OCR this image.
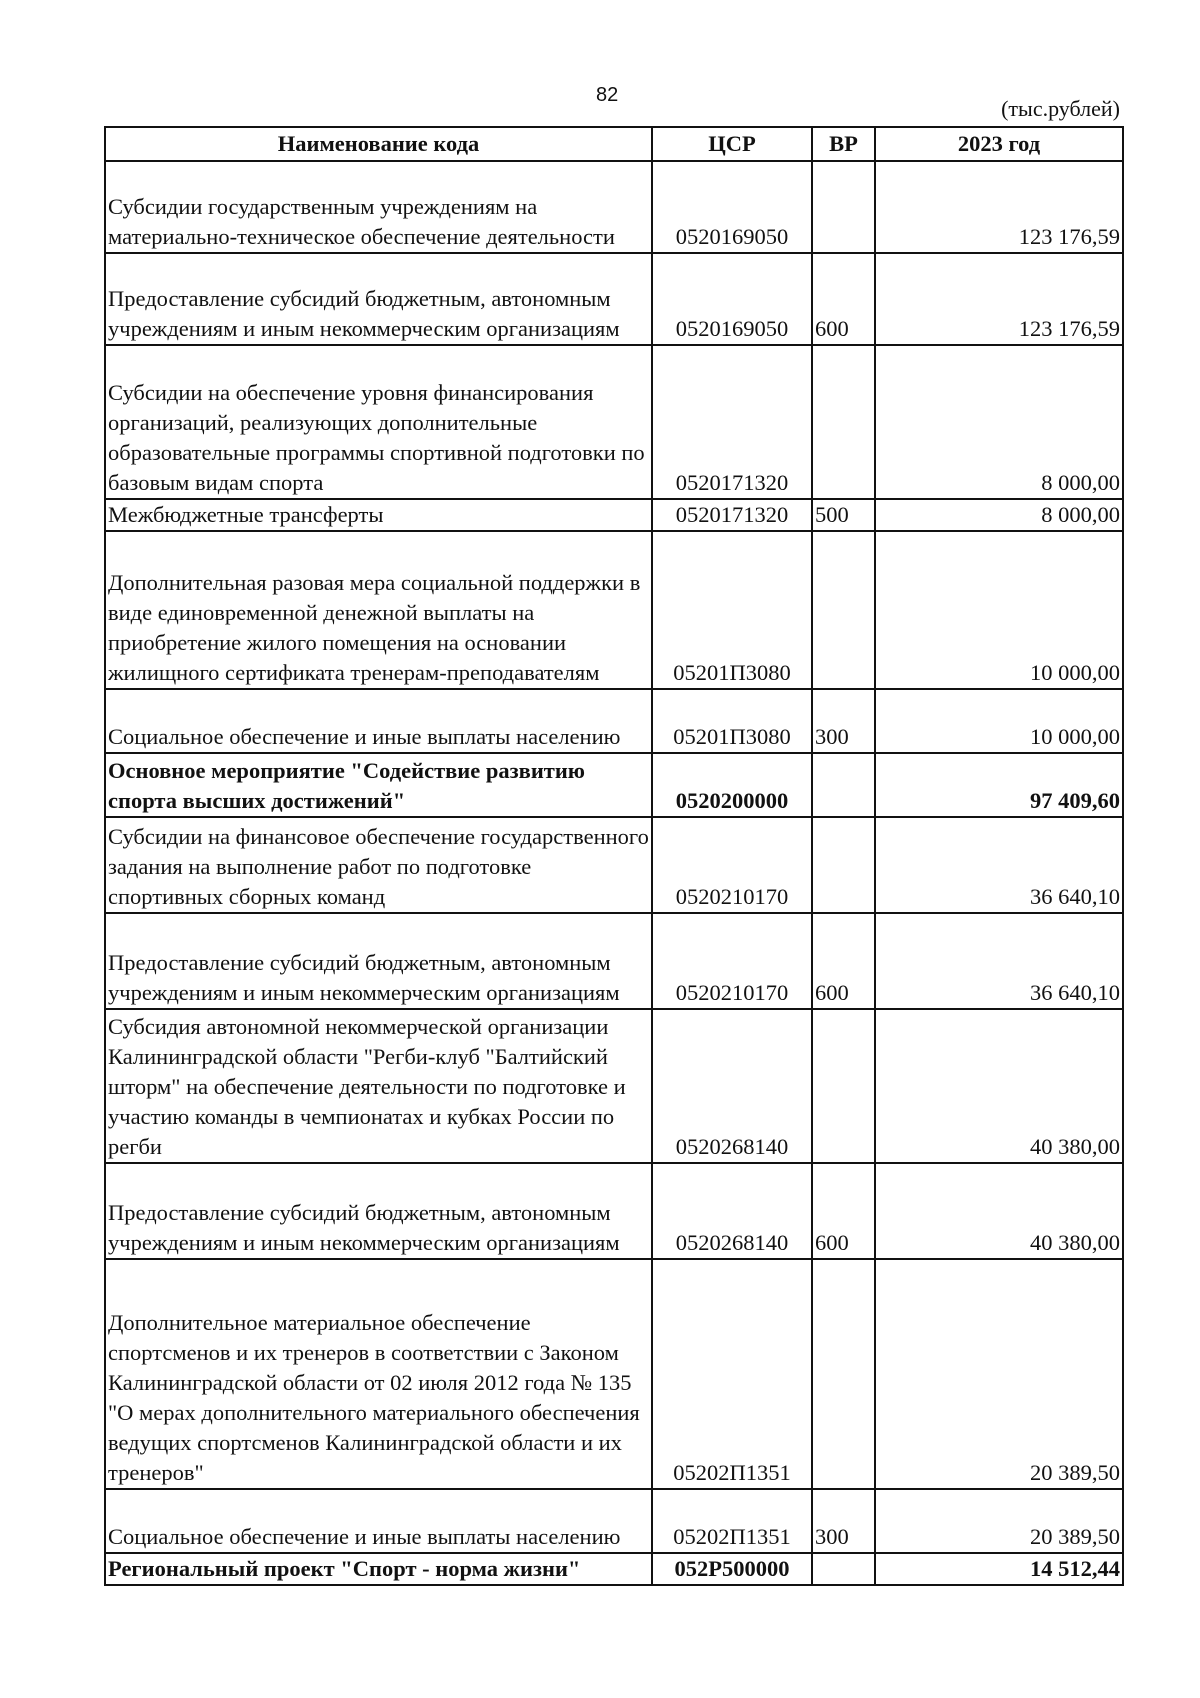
82
(тыс.рублей)
Наименование кода	ЦСР	ВР	2023 год
Субсидии государственным учреждениям на материально-техническое обеспечение деятельности	0520169050		123 176,59
Предоставление субсидий бюджетным, автономным учреждениям и иным некоммерческим организациям	0520169050	600	123 176,59
Субсидии на обеспечение уровня финансирования организаций, реализующих дополнительные образовательные программы спортивной подготовки по базовым видам спорта	0520171320		8 000,00
Межбюджетные трансферты	0520171320	500	8 000,00
Дополнительная разовая мера социальной поддержки в виде единовременной денежной выплаты на приобретение жилого помещения на основании жилищного сертификата тренерам-преподавателям	05201П3080		10 000,00
Социальное обеспечение и иные выплаты населению	05201П3080	300	10 000,00
Основное мероприятие "Содействие развитию спорта высших достижений"	0520200000		97 409,60
Субсидии на финансовое обеспечение государственного задания на выполнение работ по подготовке спортивных сборных команд	0520210170		36 640,10
Предоставление субсидий бюджетным, автономным учреждениям и иным некоммерческим организациям	0520210170	600	36 640,10
Субсидия автономной некоммерческой организации Калининградской области "Регби-клуб "Балтийский шторм" на обеспечение деятельности по подготовке и участию команды в чемпионатах и кубках России по регби	0520268140		40 380,00
Предоставление субсидий бюджетным, автономным учреждениям и иным некоммерческим организациям	0520268140	600	40 380,00
Дополнительное материальное обеспечение спортсменов и их тренеров в соответствии с Законом Калининградской области от 02 июля 2012 года № 135 "О мерах дополнительного материального обеспечения ведущих спортсменов Калининградской области и их тренеров"	05202П1351		20 389,50
Социальное обеспечение и иные выплаты населению	05202П1351	300	20 389,50
Региональный проект "Спорт - норма жизни"	052P500000		14 512,44
